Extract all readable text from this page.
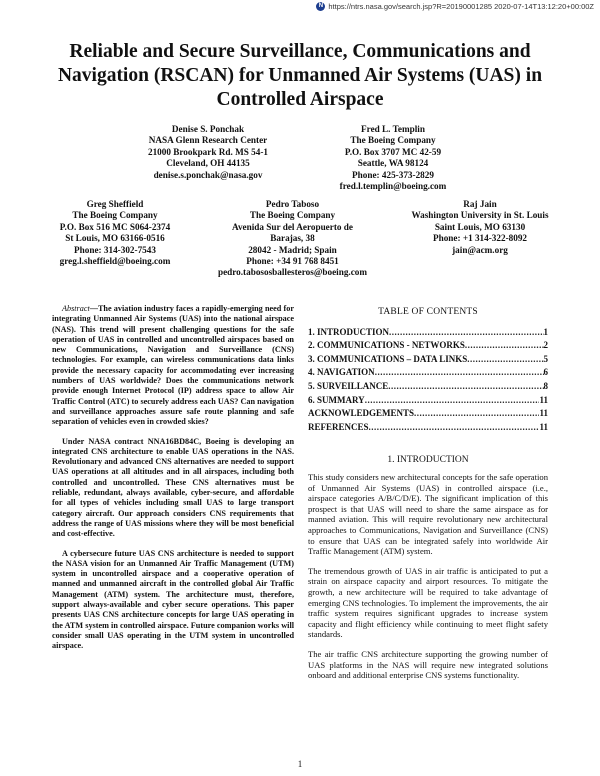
N https://ntrs.nasa.gov/search.jsp?R=20190001285 2020-07-14T13:12:20+00:00Z
Reliable and Secure Surveillance, Communications and Navigation (RSCAN) for Unmanned Air Systems (UAS) in Controlled Airspace
Denise S. Ponchak
NASA Glenn Research Center
21000 Brookpark Rd. MS 54-1
Cleveland, OH 44135
denise.s.ponchak@nasa.gov
Fred L. Templin
The Boeing Company
P.O. Box 3707 MC 42-59
Seattle, WA 98124
Phone: 425-373-2829
fred.l.templin@boeing.com
Greg Sheffield
The Boeing Company
P.O. Box 516 MC S064-2374
St Louis, MO 63166-0516
Phone: 314-302-7543
greg.l.sheffield@boeing.com
Pedro Taboso
The Boeing Company
Avenida Sur del Aeropuerto de
Barajas, 38
28042 - Madrid; Spain
Phone: +34 91 768 8451
pedro.tabososballesteros@boeing.com
Raj Jain
Washington University in St. Louis
Saint Louis, MO 63130
Phone: +1 314-322-8092
jain@acm.org

Abstract—The aviation industry faces a rapidly-emerging need for integrating Unmanned Air Systems (UAS) into the national airspace (NAS). This trend will present challenging questions for the safe operation of UAS in controlled and uncontrolled airspaces based on new Communications, Navigation and Surveillance (CNS) technologies. For example, can wireless communications data links provide the necessary capacity for accommodating ever increasing numbers of UAS worldwide? Does the communications network provide enough Internet Protocol (IP) address space to allow Air Traffic Control (ATC) to securely address each UAS? Can navigation and surveillance approaches assure safe route planning and safe separation of vehicles even in crowded skies?

Under NASA contract NNA16BD84C, Boeing is developing an integrated CNS architecture to enable UAS operations in the NAS. Revolutionary and advanced CNS alternatives are needed to support UAS operations at all altitudes and in all airspaces, including both controlled and uncontrolled. These CNS alternatives must be reliable, redundant, always available, cyber-secure, and affordable for all types of vehicles including small UAS to large transport category aircraft. Our approach considers CNS requirements that address the range of UAS missions where they will be most beneficial and cost-effective.

A cybersecure future UAS CNS architecture is needed to support the NASA vision for an Unmanned Air Traffic Management (UTM) system in uncontrolled airspace and a cooperative operation of manned and unmanned aircraft in the controlled global Air Traffic Management (ATM) system. The architecture must, therefore, support always-available and cyber secure operations. This paper presents UAS CNS architecture concepts for large UAS operating in the ATM system in controlled airspace. Future companion works will consider small UAS operating in the UTM system in uncontrolled airspace.

TABLE OF CONTENTS
1. INTRODUCTION .....	1
2. COMMUNICATIONS - NETWORKS .....	2
3. COMMUNICATIONS – DATA LINKS .....	5
4. NAVIGATION .....	6
5. SURVEILLANCE .....	8
6. SUMMARY .....	11
ACKNOWLEDGEMENTS .....	11
REFERENCES .....	11
1. INTRODUCTION

This study considers new architectural concepts for the safe operation of Unmanned Air Systems (UAS) in controlled airspace (i.e., airspace categories A/B/C/D/E). The significant implication of this prospect is that UAS will need to share the same airspace as for manned aviation. This will require revolutionary new architectural approaches to Communications, Navigation and Surveillance (CNS) to ensure that UAS can be integrated safely into worldwide Air Traffic Management (ATM) system.

The tremendous growth of UAS in air traffic is anticipated to put a strain on airspace capacity and airport resources. To mitigate the growth, a new architecture will be required to take advantage of emerging CNS technologies. To implement the improvements, the air traffic system requires significant upgrades to increase system capacity and flight efficiency while continuing to meet flight safety standards.

The air traffic CNS architecture supporting the growing number of UAS platforms in the NAS will require new integrated solutions onboard and additional enterprise CNS systems functionality.

1
